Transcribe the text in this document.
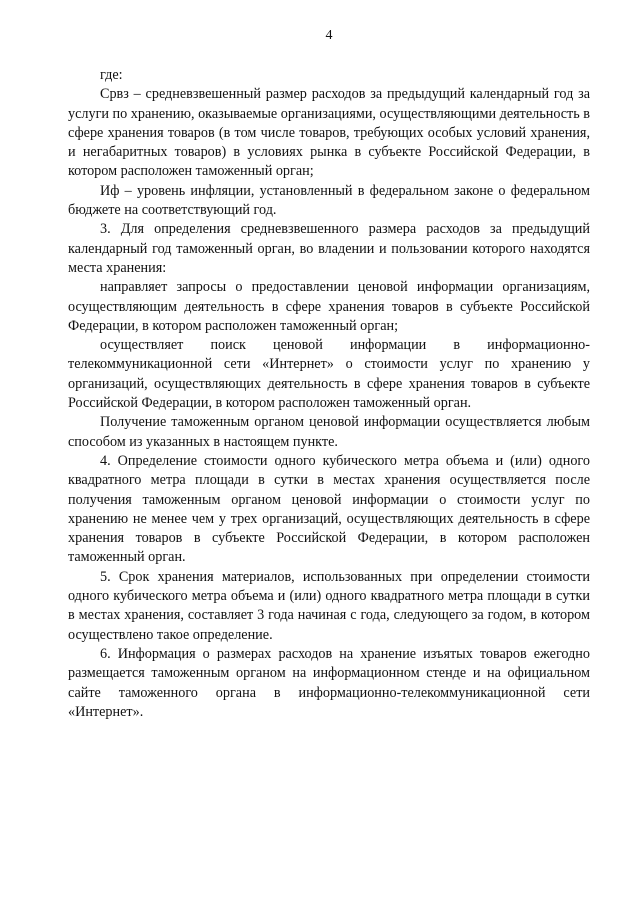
4

где:

Срвз – средневзвешенный размер расходов за предыдущий календарный год за услуги по хранению, оказываемые организациями, осуществляющими деятельность в сфере хранения товаров (в том числе товаров, требующих особых условий хранения, и негабаритных товаров) в условиях рынка в субъекте Российской Федерации, в котором расположен таможенный орган;

Иф – уровень инфляции, установленный в федеральном законе о федеральном бюджете на соответствующий год.

3. Для определения средневзвешенного размера расходов за предыдущий календарный год таможенный орган, во владении и пользовании которого находятся места хранения:

направляет запросы о предоставлении ценовой информации организациям, осуществляющим деятельность в сфере хранения товаров в субъекте Российской Федерации, в котором расположен таможенный орган;

осуществляет поиск ценовой информации в информационно-телекоммуникационной сети «Интернет» о стоимости услуг по хранению у организаций, осуществляющих деятельность в сфере хранения товаров в субъекте Российской Федерации, в котором расположен таможенный орган.

Получение таможенным органом ценовой информации осуществляется любым способом из указанных в настоящем пункте.

4. Определение стоимости одного кубического метра объема и (или) одного квадратного метра площади в сутки в местах хранения осуществляется после получения таможенным органом ценовой информации о стоимости услуг по хранению не менее чем у трех организаций, осуществляющих деятельность в сфере хранения товаров в субъекте Российской Федерации, в котором расположен таможенный орган.

5. Срок хранения материалов, использованных при определении стоимости одного кубического метра объема и (или) одного квадратного метра площади в сутки в местах хранения, составляет 3 года начиная с года, следующего за годом, в котором осуществлено такое определение.

6. Информация о размерах расходов на хранение изъятых товаров ежегодно размещается таможенным органом на информационном стенде и на официальном сайте таможенного органа в информационно-телекоммуникационной сети «Интернет».
